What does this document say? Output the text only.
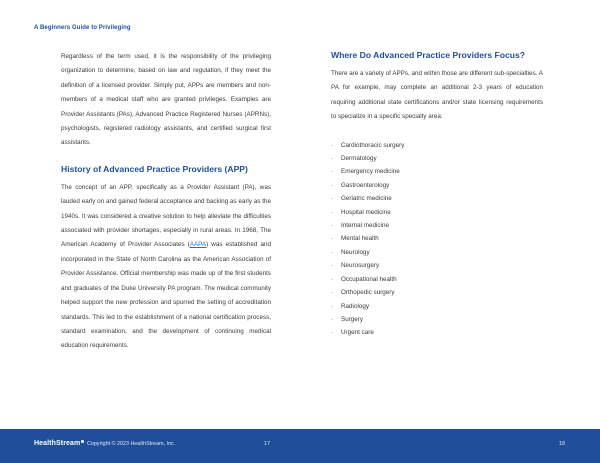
A Beginners Guide to Privileging

Regardless of the term used, it is the responsibility of the privileging organization to determine, based on law and regulation, if they meet the definition of a licensed provider. Simply put, APPs are members and non-members of a medical staff who are granted privileges. Examples are Provider Assistants (PAs), Advanced Practice Registered Nurses (APRNs), psychologists, registered radiology assistants, and certified surgical first assistants.

History of Advanced Practice Providers (APP)

The concept of an APP, specifically as a Provider Assistant (PA), was lauded early on and gained federal acceptance and backing as early as the 1940s. It was considered a creative solution to help alleviate the difficulties associated with provider shortages, especially in rural areas. In 1968, The American Academy of Provider Associates (AAPA) was established and incorporated in the State of North Carolina as the American Association of Provider Assistance. Official membership was made up of the first students and graduates of the Duke University PA program. The medical community helped support the new profession and spurred the setting of accreditation standards. This led to the establishment of a national certification process, standard examination, and the development of continuing medical education requirements.

Where Do Advanced Practice Providers Focus?

There are a variety of APPs, and within those are different sub-specialties. A PA for example, may complete an additional 2-3 years of education requiring additional state certifications and/or state licensing requirements to specialize in a specific specialty area:

· Cardiothoracic surgery
· Dermatology
· Emergency medicine
· Gastroenterology
· Geriatric medicine
· Hospital medicine
· Internal medicine
· Mental health
· Neurology
· Neurosurgery
· Occupational health
· Orthopedic surgery
· Radiology
· Surgery
· Urgent care
HealthStream	Copyright © 2023 HealthStream, Inc.	17	18
